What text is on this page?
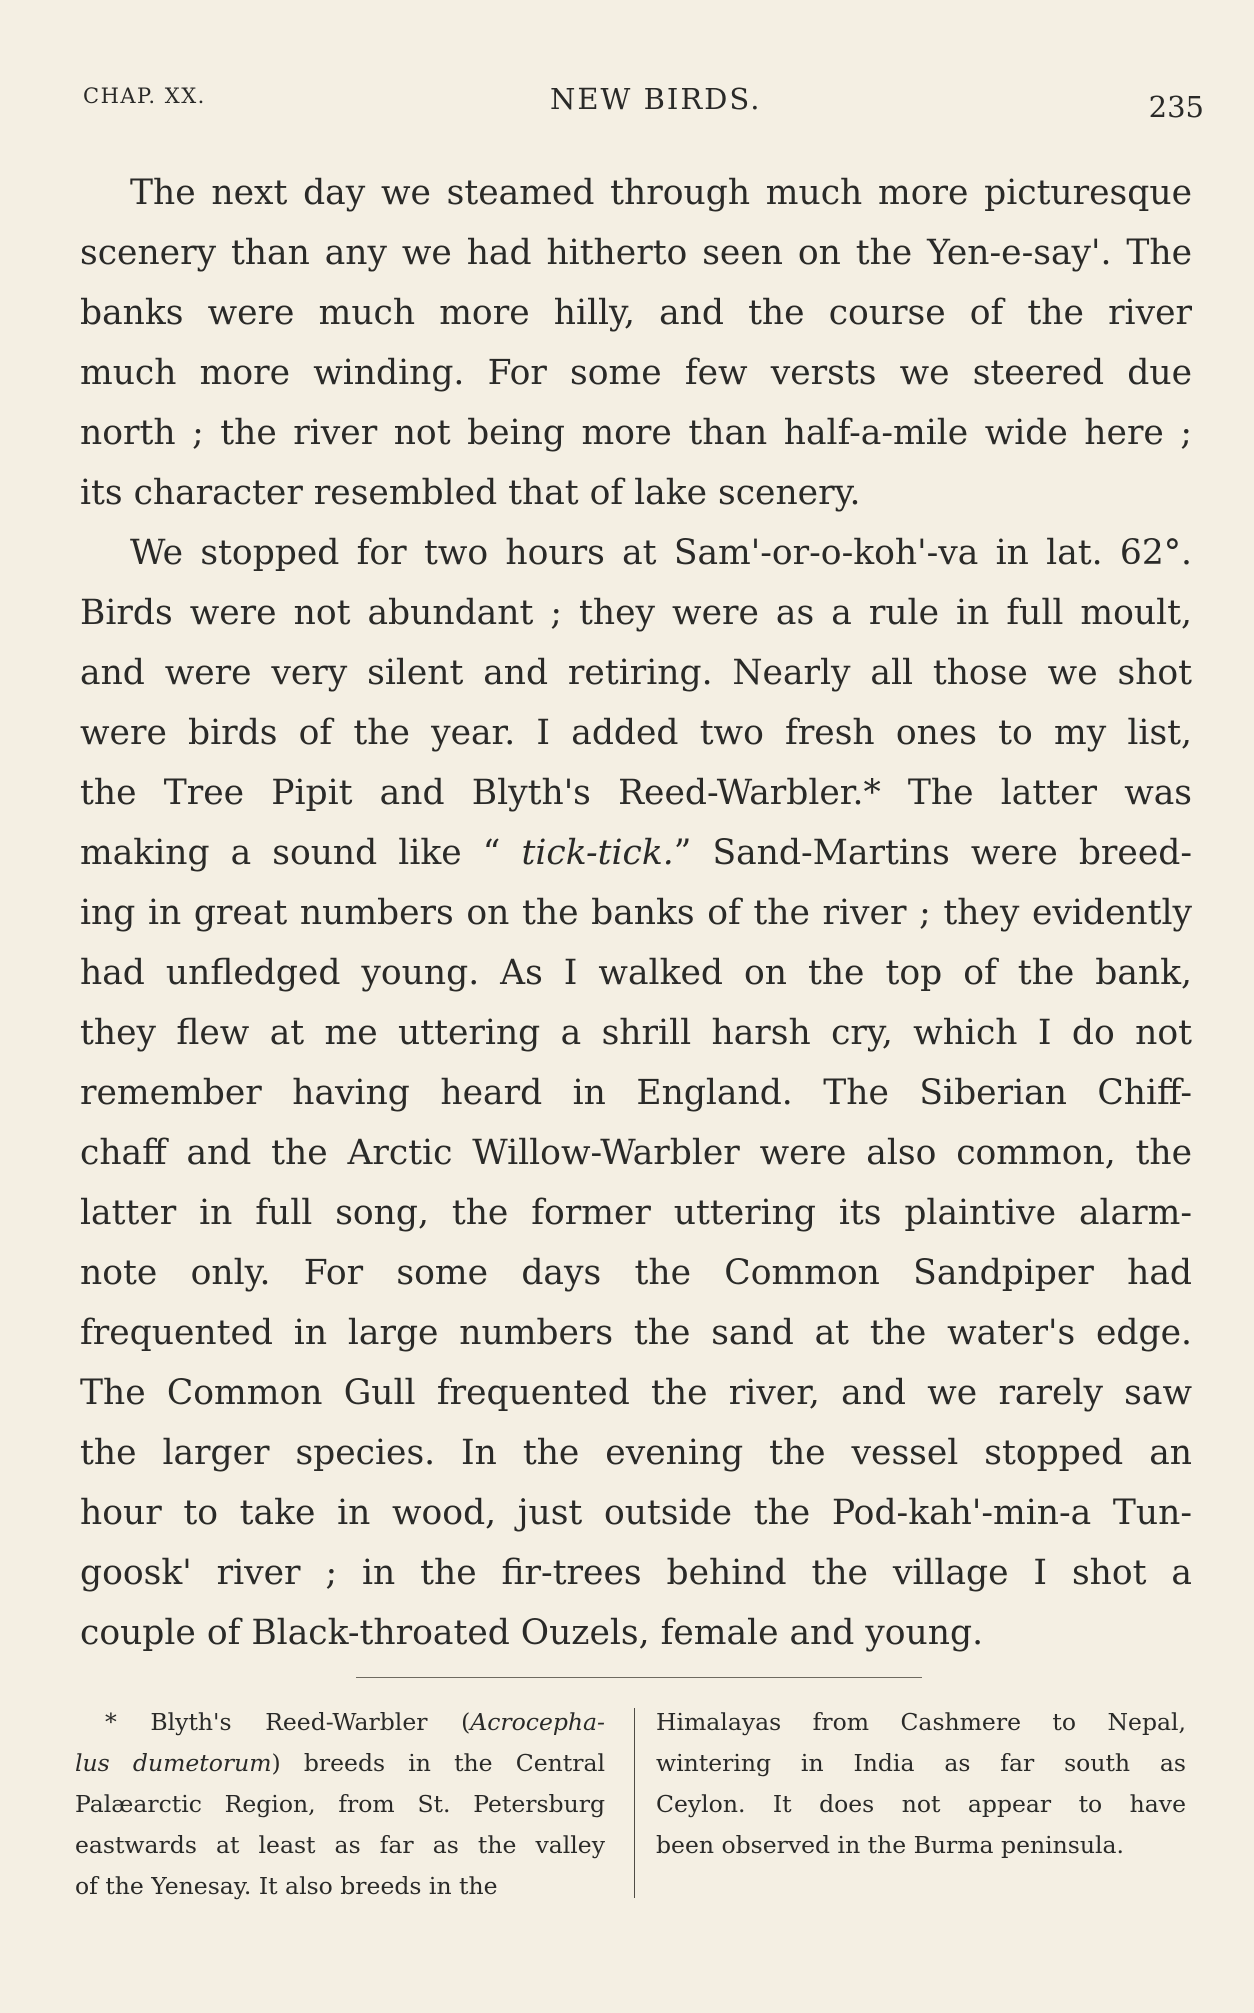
CHAP. XX.	NEW BIRDS.	235
The next day we steamed through much more picturesque
scenery than any we had hitherto seen on the Yen-e-say'. The
banks were much more hilly, and the course of the river
much more winding. For some few versts we steered due
north ; the river not being more than half-a-mile wide here ;
its character resembled that of lake scenery.
We stopped for two hours at Sam'-or-o-koh'-va in lat. 62°.
Birds were not abundant ; they were as a rule in full moult,
and were very silent and retiring. Nearly all those we shot
were birds of the year. I added two fresh ones to my list,
the Tree Pipit and Blyth's Reed-Warbler.* The latter was
making a sound like “ tick-tick.” Sand-Martins were breed-
ing in great numbers on the banks of the river ; they evidently
had unfledged young. As I walked on the top of the bank,
they flew at me uttering a shrill harsh cry, which I do not
remember having heard in England. The Siberian Chiff-
chaff and the Arctic Willow-Warbler were also common, the
latter in full song, the former uttering its plaintive alarm-
note only. For some days the Common Sandpiper had
frequented in large numbers the sand at the water's edge.
The Common Gull frequented the river, and we rarely saw
the larger species. In the evening the vessel stopped an
hour to take in wood, just outside the Pod-kah'-min-a Tun-
goosk' river ; in the fir-trees behind the village I shot a
couple of Black-throated Ouzels, female and young.
* Blyth's Reed-Warbler (Acrocepha-
lus dumetorum) breeds in the Central
Palæarctic Region, from St. Petersburg
eastwards at least as far as the valley
of the Yenesay. It also breeds in the
Himalayas from Cashmere to Nepal,
wintering in India as far south as
Ceylon. It does not appear to have
been observed in the Burma peninsula.
